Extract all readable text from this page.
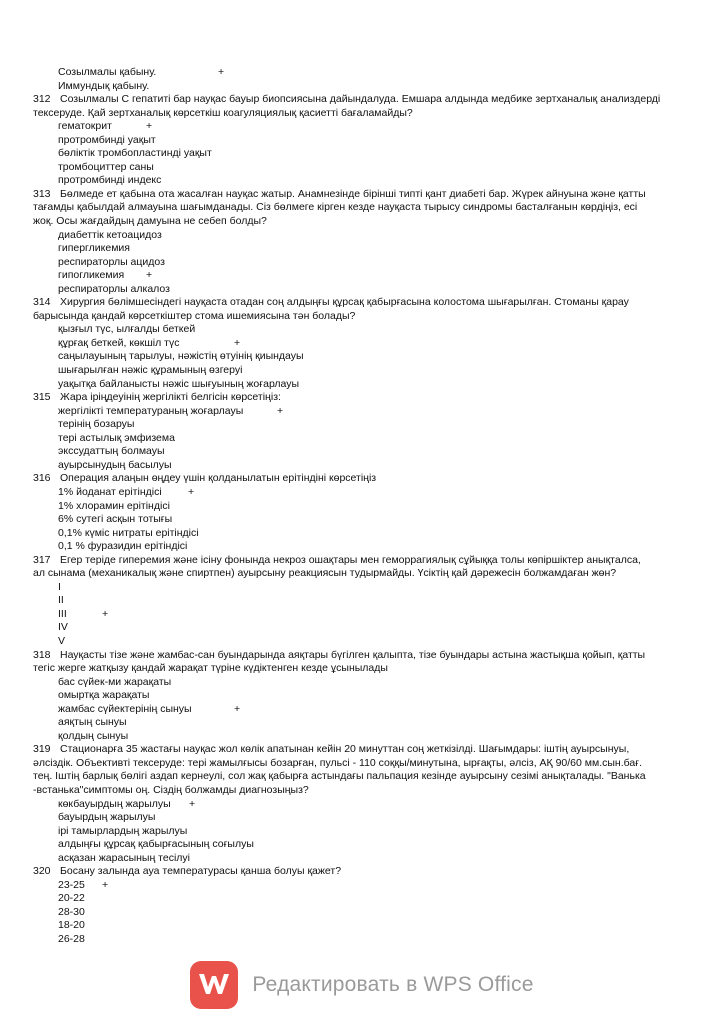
Созылмалы қабыну.	+
Иммундық қабыну.
312 Созылмалы С гепатиті бар науқас бауыр биопсиясына дайындалуда. Емшара алдында медбике зертханалық анализдерді
тексеруде. Қай зертханалық көрсеткіш коагуляциялық қасиетті бағаламайды?
гематокрит	+
протромбинді уақыт
бөліктік тромбопластинді уақыт
тромбоциттер саны
протромбинді индекс
313 Бөлмеде ет қабына ота жасалған науқас жатыр. Анамнезінде бірінші типті қант диабеті бар. Жүрек айнуына және қатты
тағамды қабылдай алмауына шағымданады. Сіз бөлмеге кірген кезде науқаста тырысу синдромы басталғанын көрдіңіз, есі
жоқ. Осы жағдайдың дамуына не себеп болды?
диабеттік кетоацидоз
гипергликемия
респираторлы ацидоз
гипогликемия +
респираторлы алкалоз
314 Хирургия бөлімшесіндегі науқаста отадан соң алдыңғы құрсақ қабырғасына колостома шығарылған. Стоманы қарау
барысында қандай көрсеткіштер стома ишемиясына тән болады?
қызғыл түс, ылғалды беткей
құрғақ беткей, көкшіл түс	+
саңылауының тарылуы, нәжістің өтуінің қиындауы
шығарылған нәжіс құрамының өзгеруі
уақытқа байланысты нәжіс шығуының жоғарлауы
315 Жара іріңдеуінің жергілікті белгісін көрсетіңіз:
жергілікті температураның жоғарлауы	+
терінің бозаруы
тері астылық эмфизема
экссудаттың болмауы
ауырсынудың басылуы
316 Операция алаңын өңдеу үшін қолданылатын ерітіндіні көрсетіңіз
1% йоданат ерітіндісі	+
1% хлорамин ерітіндісі
6% сутегі асқын тотығы
0,1% күміс нитраты ерітіндісі
0,1 % фуразидин ерітіндісі
317 Егер теріде гиперемия және ісіну фонында некроз ошақтары мен геморрагиялық сұйыққа толы көпіршіктер анықталса,
ал сынама (механикалық және спиртпен) ауырсыну реакциясын тудырмайды. Үсіктің қай дәрежесін болжамдаған жөн?
I
II
III	+
IV
V
318 Науқасты тізе және жамбас-сан буындарында аяқтары бүгілген қалыпта, тізе буындары астына жастықша қойып, қатты
тегіс жерге жатқызу қандай жарақат түріне күдіктенген кезде ұсынылады
бас сүйек-ми жарақаты
омыртқа жарақаты
жамбас сүйектерінің сынуы	+
аяқтың сынуы
қолдың сынуы
319 Стационарға 35 жастағы науқас жол көлік апатынан кейін 20 минуттан соң жеткізілді. Шағымдары: іштің ауырсынуы,
әлсіздік. Объективті тексеруде: тері жамылғысы бозарған, пульсі - 110 соққы/минутына, ырғақты, әлсіз, АҚ 90/60 мм.сын.бағ.
тең. Іштің барлық бөлігі аздап кернеулі, сол жақ қабырға астындағы пальпация кезінде ауырсыну сезімі анықталады. "Ванька
-встанька"симптомы оң. Сіздің болжамды диагнозыңыз?
көкбауырдың жарылуы +
бауырдың жарылуы
ірі тамырлардың жарылуы
алдыңғы құрсақ қабырғасының соғылуы
асқазан жарасының тесілуі
320 Босану залында ауа температурасы қанша болуы қажет?
23-25 +
20-22
28-30
18-20
26-28
Редактировать в WPS Office
